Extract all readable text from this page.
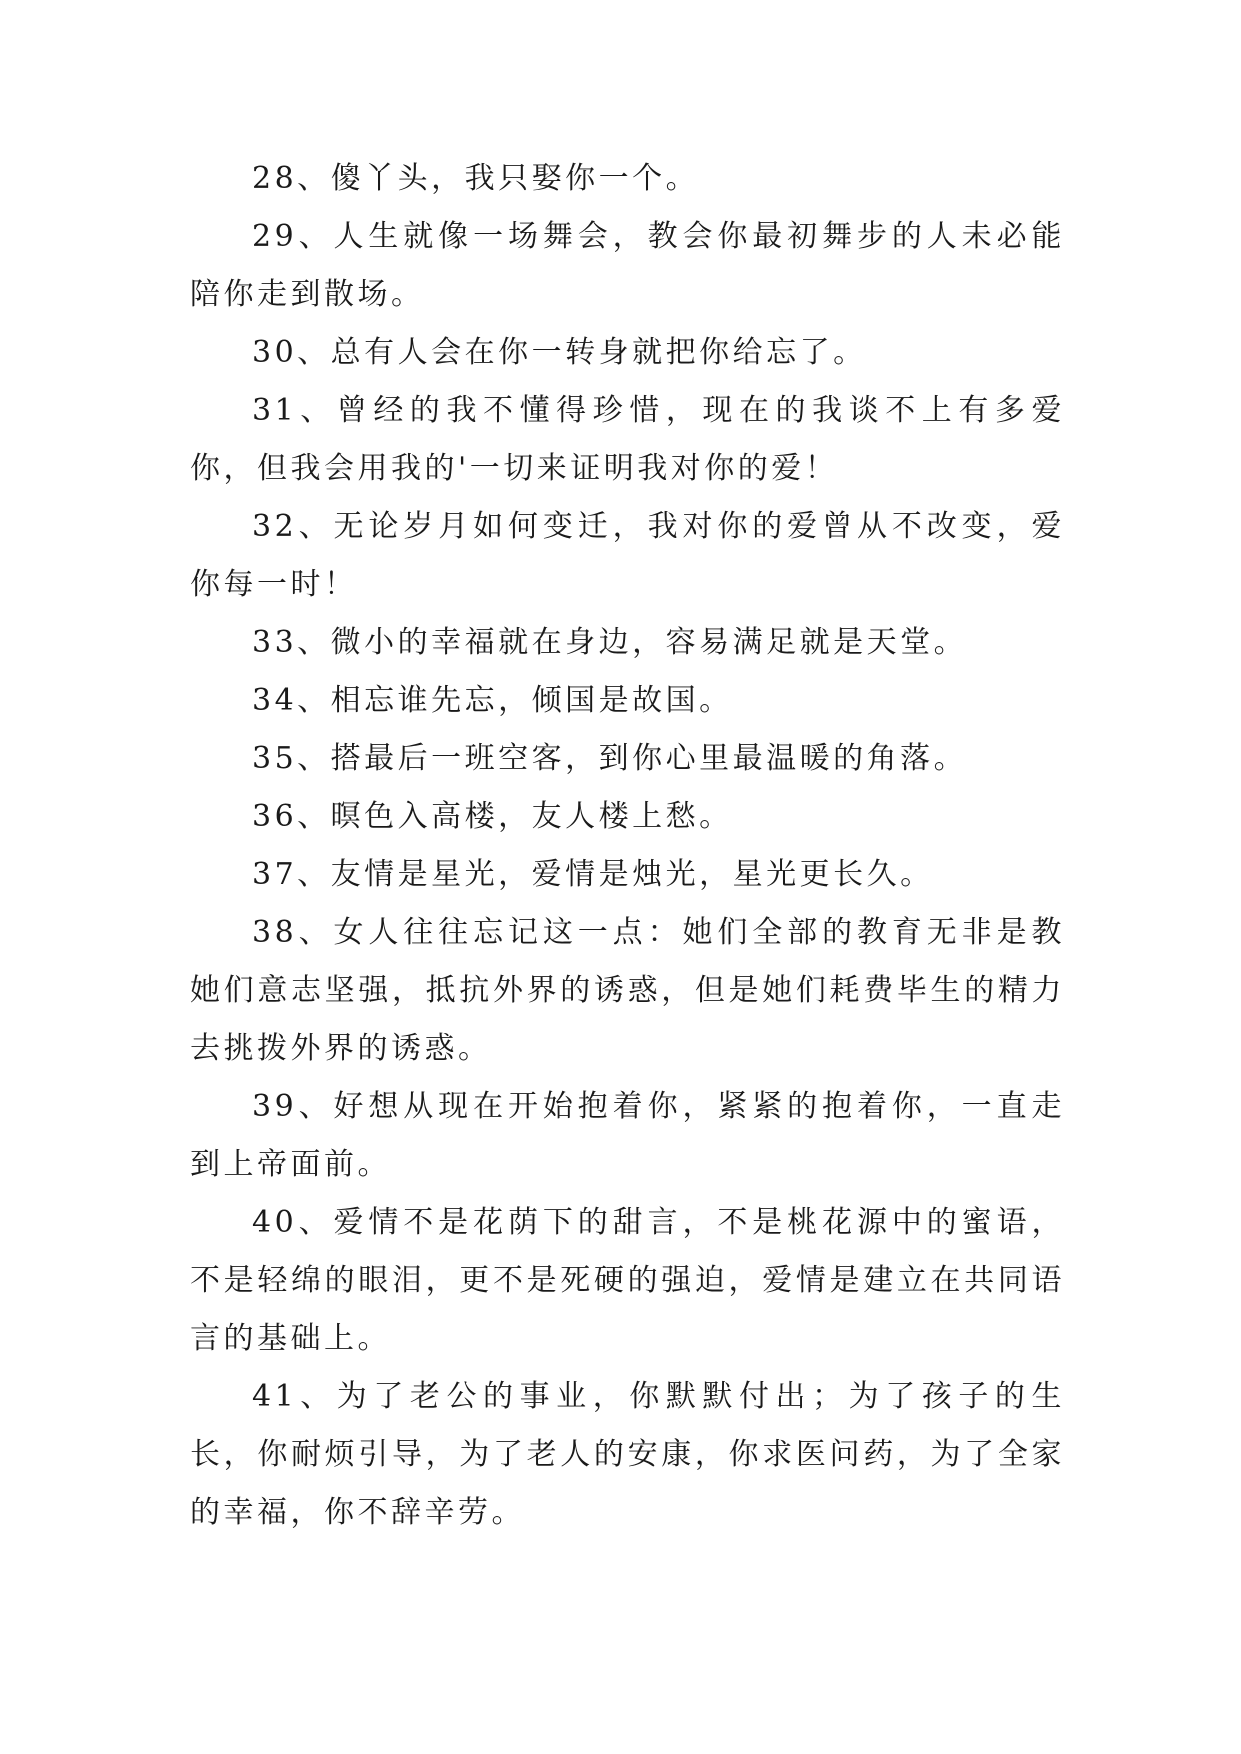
28、傻丫头，我只娶你一个。

29、人生就像一场舞会，教会你最初舞步的人未必能陪你走到散场。

30、总有人会在你一转身就把你给忘了。

31、曾经的我不懂得珍惜，现在的我谈不上有多爱你，但我会用我的'一切来证明我对你的爱！

32、无论岁月如何变迁，我对你的爱曾从不改变，爱你每一时！

33、微小的幸福就在身边，容易满足就是天堂。

34、相忘谁先忘，倾国是故国。

35、搭最后一班空客，到你心里最温暖的角落。

36、暝色入高楼，友人楼上愁。

37、友情是星光，爱情是烛光，星光更长久。

38、女人往往忘记这一点：她们全部的教育无非是教她们意志坚强，抵抗外界的诱惑，但是她们耗费毕生的精力去挑拨外界的诱惑。

39、好想从现在开始抱着你，紧紧的抱着你，一直走到上帝面前。

40、爱情不是花荫下的甜言，不是桃花源中的蜜语，不是轻绵的眼泪，更不是死硬的强迫，爱情是建立在共同语言的基础上。

41、为了老公的事业，你默默付出；为了孩子的生长，你耐烦引导，为了老人的安康，你求医问药，为了全家的幸福，你不辞辛劳。
